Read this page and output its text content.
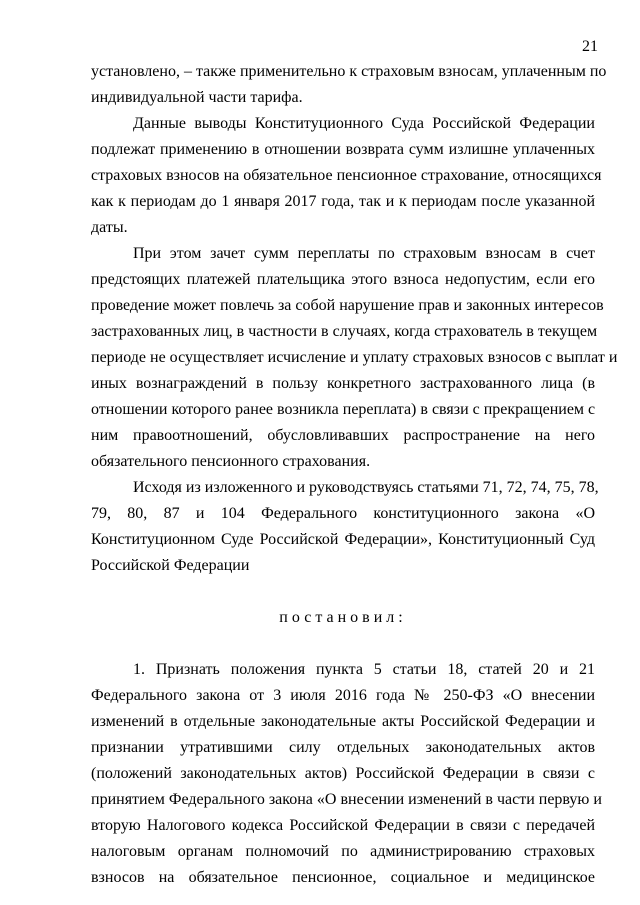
21
установлено, – также применительно к страховым взносам, уплаченным по
индивидуальной части тарифа.
Данные выводы Конституционного Суда Российской Федерации
подлежат применению в отношении возврата сумм излишне уплаченных
страховых взносов на обязательное пенсионное страхование, относящихся
как к периодам до 1 января 2017 года, так и к периодам после указанной
даты.
При этом зачет сумм переплаты по страховым взносам в счет
предстоящих платежей плательщика этого взноса недопустим, если его
проведение может повлечь за собой нарушение прав и законных интересов
застрахованных лиц, в частности в случаях, когда страхователь в текущем
периоде не осуществляет исчисление и уплату страховых взносов с выплат и
иных вознаграждений в пользу конкретного застрахованного лица (в
отношении которого ранее возникла переплата) в связи с прекращением с
ним правоотношений, обусловливавших распространение на него
обязательного пенсионного страхования.
Исходя из изложенного и руководствуясь статьями 71, 72, 74, 75, 78,
79, 80, 87 и 104 Федерального конституционного закона «О
Конституционном Суде Российской Федерации», Конституционный Суд
Российской Федерации
постановил:
1. Признать положения пункта 5 статьи 18, статей 20 и 21
Федерального закона от 3 июля 2016 года № 250-ФЗ «О внесении
изменений в отдельные законодательные акты Российской Федерации и
признании утратившими силу отдельных законодательных актов
(положений законодательных актов) Российской Федерации в связи с
принятием Федерального закона «О внесении изменений в части первую и
вторую Налогового кодекса Российской Федерации в связи с передачей
налоговым органам полномочий по администрированию страховых
взносов на обязательное пенсионное, социальное и медицинское
